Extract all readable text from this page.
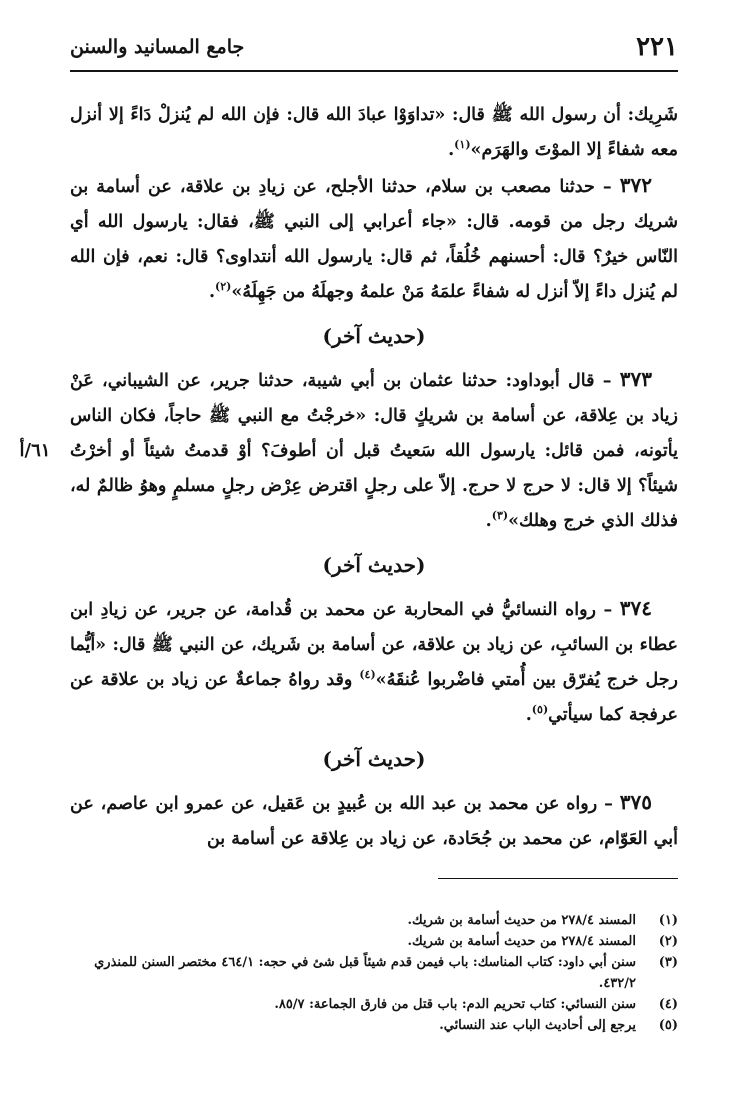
٢٢١
جامع المسانيد والسنن
٦١/أ

شَرِيك: أن رسول الله ﷺ قال: «تداوَوْا عبادَ الله قال: فإن الله لم يُنزلْ دَاءً إلا أنزل معه شفاءً إلا الموْتَ والهَرَم»$^{(١)}$.

٣٧٢ – حدثنا مصعب بن سلام، حدثنا الأجلح، عن زيادِ بن علاقة، عن أسامة بن شريك رجل من قومه. قال: «جاء أعرابي إلى النبي ﷺ، فقال: يارسول الله أي النّاس خيرٌ؟ قال: أحسنهم خُلُقاً، ثم قال: يارسول الله أنتداوى؟ قال: نعم، فإن الله لم يُنزل داءً إلاّ أنزل له شفاءً علمَهُ مَنْ علمهُ وجهلَهُ من جَهِلَهُ»$^{(٢)}$.

(حديث آخر)

٣٧٣ – قال أبوداود: حدثنا عثمان بن أبي شيبة، حدثنا جرير، عن الشيباني، عَنْ زياد بن عِلاقة، عن أسامة بن شريكٍ قال: «خرجْتُ مع النبي ﷺ حاجاً، فكان الناس يأتونه، فمن قائل: يارسول الله سَعيتُ قبل أن أطوفَ؟ أوْ قدمتُ شيئاً أو أخرْتُ شيئاً؟ إلا قال: لا حرج لا حرج. إلاّ على رجلٍ اقترض عِرْض رجلٍ مسلمٍ وهوُ ظالمٌ له، فذلك الذي خرج وهلك»$^{(٣)}$.

(حديث آخر)

٣٧٤ – رواه النسائيُّ في المحاربة عن محمد بن قُدامة، عن جرير، عن زيادِ ابن عطاء بن السائبِ، عن زياد بن علاقة، عن أسامة بن شَريك، عن النبي ﷺ قال: «أيُّما رجل خرج يُفرّق بين أُمتي فاضْربوا عُنقَهُ»$^{(٤)}$ وقد رواهُ جماعةٌ عن زياد بن علاقة عن عرفجة كما سيأتي$^{(٥)}$.

(حديث آخر)

٣٧٥ – رواه عن محمد بن عبد الله بن عُبيدٍ بن عَقيل، عن عمرو ابن عاصم، عن أبي العَوّام، عن محمد بن جُحَادة، عن زياد بن عِلاقة عن أسامة بن

(١)
المسند ٢٧٨/٤ من حديث أسامة بن شريك.

(٢)
المسند ٢٧٨/٤ من حديث أسامة بن شريك.

(٣)
سنن أبي داود: كتاب المناسك: باب فيمن قدم شيئاً قبل شئ في حجه: ٤٦٤/١ مختصر السنن للمنذري ٤٣٢/٢.

(٤)
سنن النسائي: كتاب تحريم الدم: باب قتل من فارق الجماعة: ٨٥/٧.

(٥)
يرجع إلى أحاديث الباب عند النسائي.
